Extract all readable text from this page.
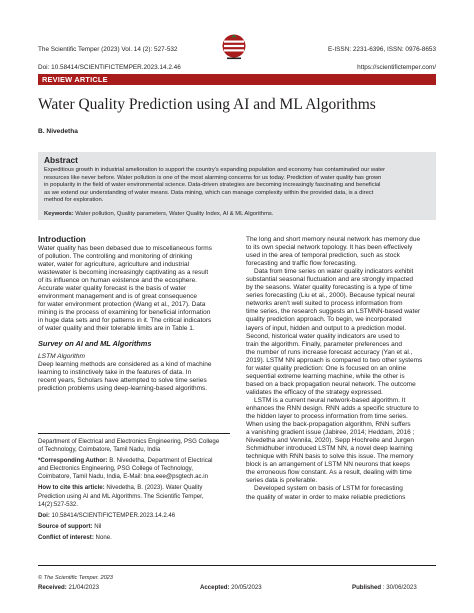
The Scientific Temper (2023) Vol. 14 (2): 527-532	E-ISSN: 2231-6396, ISSN: 0976-8653
Doi: 10.58414/SCIENTIFICTEMPER.2023.14.2.46	https://scientifictemper.com/
REVIEW ARTICLE
Water Quality Prediction using AI and ML Algorithms
B. Nivedetha
Abstract
Expeditious growth in industrial amelioration to support the country's expanding population and economy has contaminated our water
resources like never before. Water pollution is one of the most alarming concerns for us today. Prediction of water quality has grown
in popularity in the field of water environmental science. Data-driven strategies are becoming increasingly fascinating and beneficial
as we extend our understanding of water means. Data mining, which can manage complexity within the provided data, is a direct
method for exploration.
Keywords: Water pollution, Quality parameters, Water Quality Index, AI & ML Algorithms.
Introduction
Water quality has been debased due to miscellaneous forms
of pollution. The controlling and monitoring of drinking
water, water for agriculture, agriculture and industrial
wastewater is becoming increasingly captivating as a result
of its influence on human existence and the ecosphere.
Accurate water quality forecast is the basis of water
environment management and is of great consequence
for water environment protection (Wang et al., 2017). Data
mining is the process of examining for beneficial information
in huge data sets and for patterns in it. The critical indicators
of water quality and their tolerable limits are in Table 1.
Survey on AI and ML Algorithms
LSTM Algorithm
Deep learning methods are considered as a kind of machine
learning to instinctively take in the features of data. In
recent years, Scholars have attempted to solve time series
prediction problems using deep-learning-based algorithms.
Department of Electrical and Electronics Engineering, PSG College
of Technology, Coimbatore, Tamil Nadu, India
*Corresponding Author: B. Nivedetha, Department of Electrical
and Electronics Engineering, PSG College of Technology,
Coimbatore, Tamil Nadu, India, E-Mail: bna.eee@psgtech.ac.in
How to cite this article: Nivedetha, B. (2023). Water Quality
Prediction using AI and ML Algorithms. The Scientific Temper,
14(2):527-532.
Doi: 10.58414/SCIENTIFICTEMPER.2023.14.2.46
Source of support: Nil
Conflict of interest: None.
The long and short memory neural network has memory due
to its own special network topology. It has been effectively
used in the area of temporal prediction, such as stock
forecasting and traffic flow forecasting.
Data from time series on water quality indicators exhibit
substantial seasonal fluctuation and are strongly impacted
by the seasons. Water quality forecasting is a type of time
series forecasting (Liu et al., 2000). Because typical neural
networks aren't well suited to process information from
time series, the research suggests an LSTMNN-based water
quality prediction approach. To begin, we incorporated
layers of input, hidden and output to a prediction model.
Second, historical water quality indicators are used to
train the algorithm. Finally, parameter preferences and
the number of runs increase forecast accuracy (Yan et al.,
2019). LSTM NN approach is compared to two other systems
for water quality prediction: One is focused on an online
sequential extreme learning machine, while the other is
based on a back propagation neural network. The outcome
validates the efficacy of the strategy expressed.
LSTM is a current neural network-based algorithm. It
enhances the RNN design. RNN adds a specific structure to
the hidden layer to process information from time series.
When using the back-propagation algorithm, RNN suffers
a vanishing gradient issue (Jabiree, 2014; Heddam, 2016 ;
Nivedetha and Vennila, 2020). Sepp Hochreite and Jurgen
Schmidhuber introduced LSTM NN, a novel deep learning
technique with RNN basis to solve this issue. The memory
block is an arrangement of LSTM NN neurons that keeps
the erroneous flow constant. As a result, dealing with time
series data is preferable.
Developed system on basis of LSTM for forecasting
the quality of water in order to make reliable predictions
© The Scientific Temper. 2023
Received: 21/04/2023	Accepted: 20/05/2023	Published : 30/06/2023
